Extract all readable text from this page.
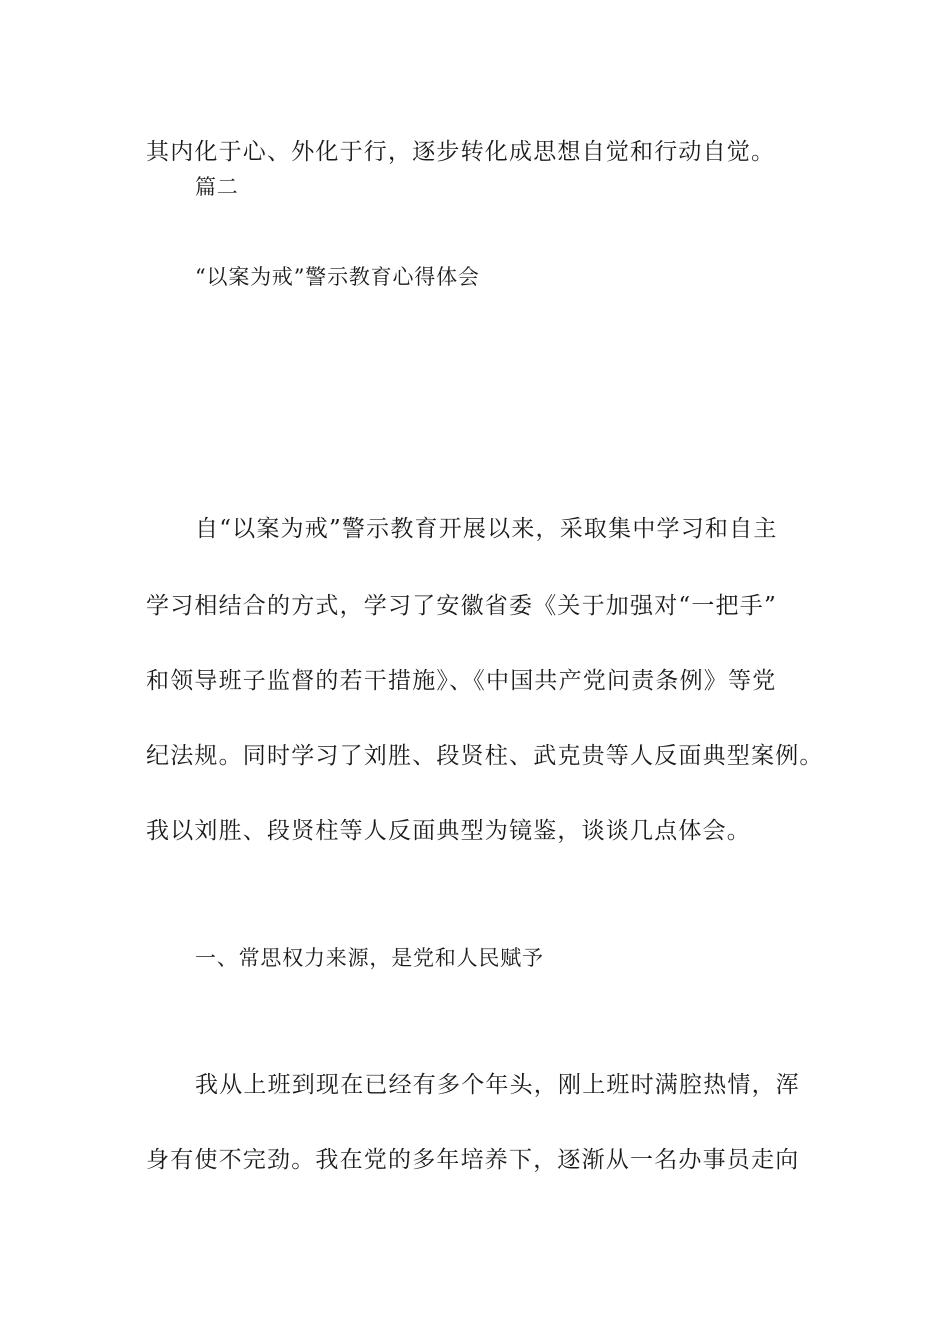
其内化于心、外化于行，逐步转化成思想自觉和行动自觉。

篇二

“以案为戒”警示教育心得体会

自“以案为戒”警示教育开展以来，采取集中学习和自主

学习相结合的方式，学习了安徽省委《关于加强对“一把手”

和领导班子监督的若干措施》、《中国共产党问责条例》等党

纪法规。同时学习了刘胜、段贤柱、武克贵等人反面典型案例。

我以刘胜、段贤柱等人反面典型为镜鉴，谈谈几点体会。

一、常思权力来源，是党和人民赋予

我从上班到现在已经有多个年头，刚上班时满腔热情，浑

身有使不完劲。我在党的多年培养下，逐渐从一名办事员走向
